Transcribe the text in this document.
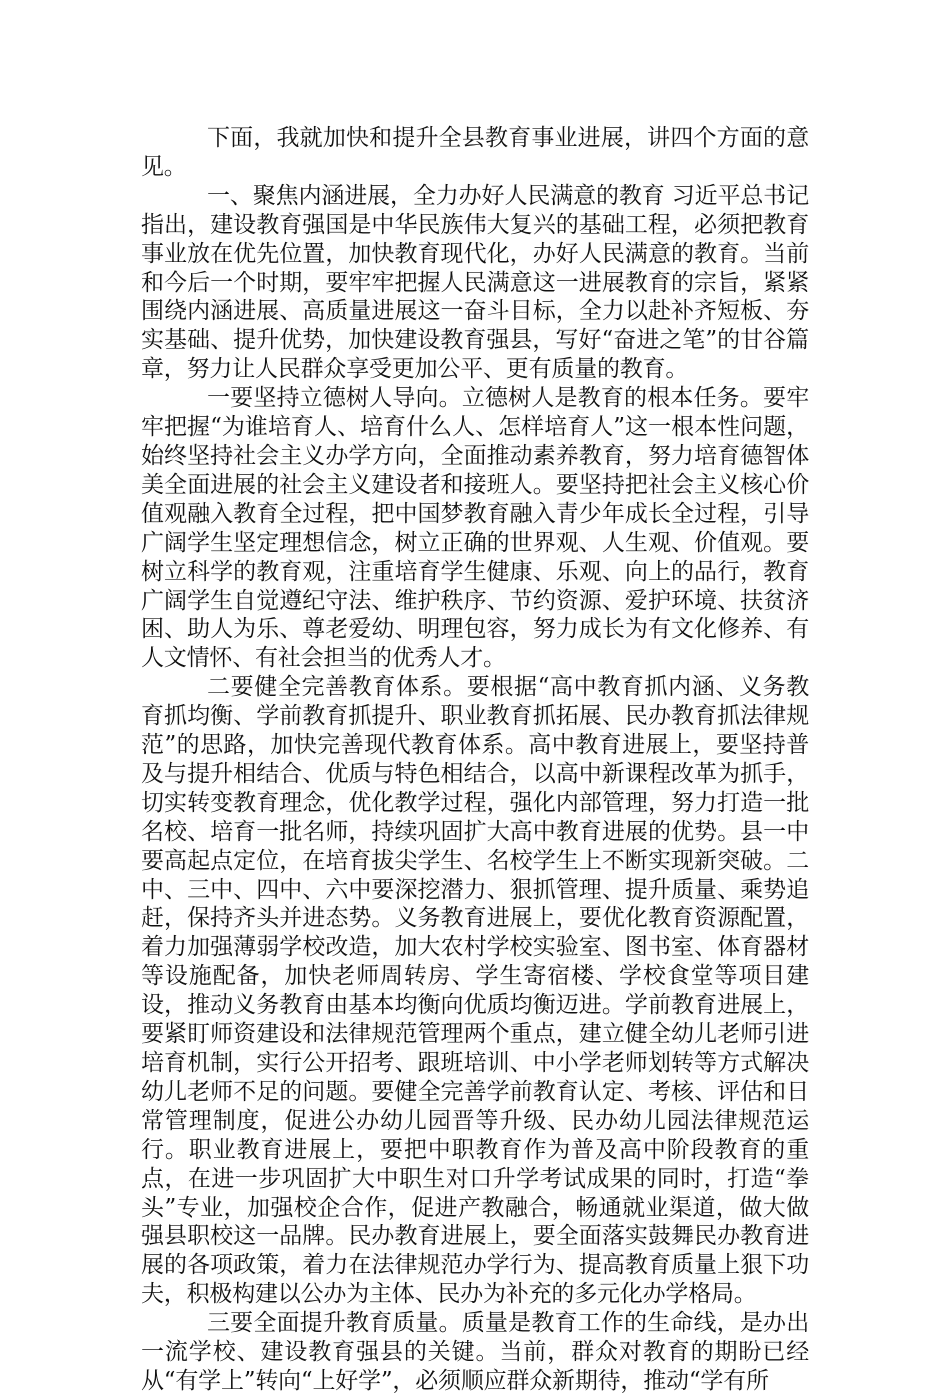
下面，我就加快和提升全县教育事业进展，讲四个方面的意见。

一、聚焦内涵进展，全力办好人民满意的教育 习近平总书记指出，建设教育强国是中华民族伟大复兴的基础工程，必须把教育事业放在优先位置，加快教育现代化，办好人民满意的教育。当前和今后一个时期，要牢牢把握人民满意这一进展教育的宗旨，紧紧围绕内涵进展、高质量进展这一奋斗目标，全力以赴补齐短板、夯实基础、提升优势，加快建设教育强县，写好“奋进之笔”的甘谷篇章，努力让人民群众享受更加公平、更有质量的教育。

一要坚持立德树人导向。立德树人是教育的根本任务。要牢牢把握“为谁培育人、培育什么人、怎样培育人”这一根本性问题，始终坚持社会主义办学方向，全面推动素养教育，努力培育德智体美全面进展的社会主义建设者和接班人。要坚持把社会主义核心价值观融入教育全过程，把中国梦教育融入青少年成长全过程，引导广阔学生坚定理想信念，树立正确的世界观、人生观、价值观。要树立科学的教育观，注重培育学生健康、乐观、向上的品行，教育广阔学生自觉遵纪守法、维护秩序、节约资源、爱护环境、扶贫济困、助人为乐、尊老爱幼、明理包容，努力成长为有文化修养、有人文情怀、有社会担当的优秀人才。

二要健全完善教育体系。要根据“高中教育抓内涵、义务教育抓均衡、学前教育抓提升、职业教育抓拓展、民办教育抓法律规范”的思路，加快完善现代教育体系。高中教育进展上，要坚持普及与提升相结合、优质与特色相结合，以高中新课程改革为抓手，切实转变教育理念，优化教学过程，强化内部管理，努力打造一批名校、培育一批名师，持续巩固扩大高中教育进展的优势。县一中要高起点定位，在培育拔尖学生、名校学生上不断实现新突破。二中、三中、四中、六中要深挖潜力、狠抓管理、提升质量、乘势追赶，保持齐头并进态势。义务教育进展上，要优化教育资源配置，着力加强薄弱学校改造，加大农村学校实验室、图书室、体育器材等设施配备，加快老师周转房、学生寄宿楼、学校食堂等项目建设，推动义务教育由基本均衡向优质均衡迈进。学前教育进展上，要紧盯师资建设和法律规范管理两个重点，建立健全幼儿老师引进培育机制，实行公开招考、跟班培训、中小学老师划转等方式解决幼儿老师不足的问题。要健全完善学前教育认定、考核、评估和日常管理制度，促进公办幼儿园晋等升级、民办幼儿园法律规范运行。职业教育进展上，要把中职教育作为普及高中阶段教育的重点，在进一步巩固扩大中职生对口升学考试成果的同时，打造“拳头”专业，加强校企合作，促进产教融合，畅通就业渠道，做大做强县职校这一品牌。民办教育进展上，要全面落实鼓舞民办教育进展的各项政策，着力在法律规范办学行为、提高教育质量上狠下功夫，积极构建以公办为主体、民办为补充的多元化办学格局。

三要全面提升教育质量。质量是教育工作的生命线，是办出一流学校、建设教育强县的关键。当前，群众对教育的期盼已经从“有学上”转向“上好学”，必须顺应群众新期待，推动“学有所
